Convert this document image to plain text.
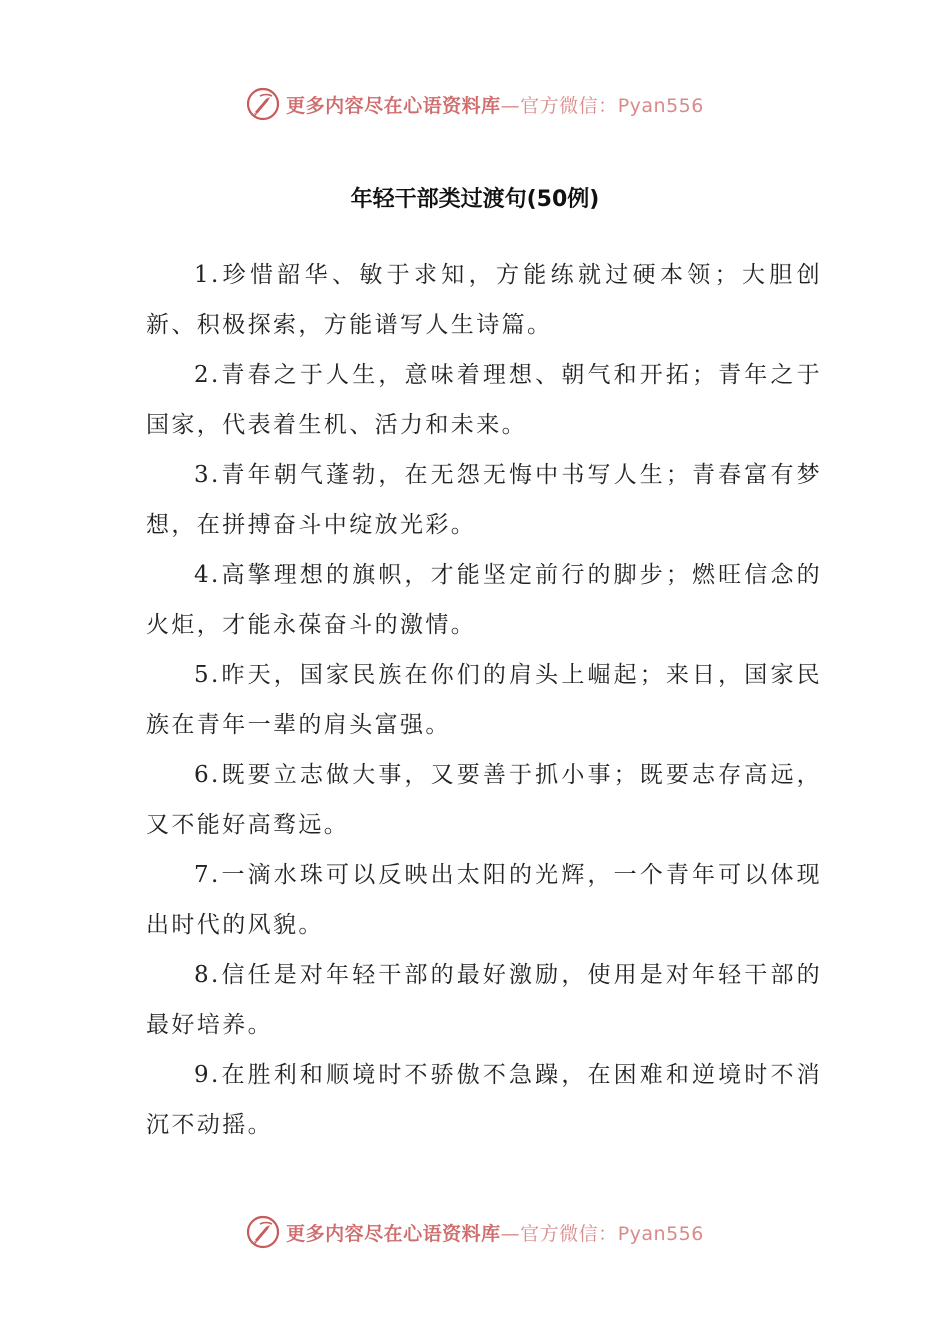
更多内容尽在心语资料库—官方微信：Pyan556
年轻干部类过渡句(50例)

1.珍惜韶华、敏于求知，方能练就过硬本领；大胆创新、积极探索，方能谱写人生诗篇。

2.青春之于人生，意味着理想、朝气和开拓；青年之于国家，代表着生机、活力和未来。

3.青年朝气蓬勃，在无怨无悔中书写人生；青春富有梦想，在拼搏奋斗中绽放光彩。

4.高擎理想的旗帜，才能坚定前行的脚步；燃旺信念的火炬，才能永葆奋斗的激情。

5.昨天，国家民族在你们的肩头上崛起；来日，国家民族在青年一辈的肩头富强。

6.既要立志做大事，又要善于抓小事；既要志存高远，又不能好高骛远。

7.一滴水珠可以反映出太阳的光辉，一个青年可以体现出时代的风貌。

8.信任是对年轻干部的最好激励，使用是对年轻干部的最好培养。

9.在胜利和顺境时不骄傲不急躁，在困难和逆境时不消沉不动摇。

更多内容尽在心语资料库—官方微信：Pyan556
